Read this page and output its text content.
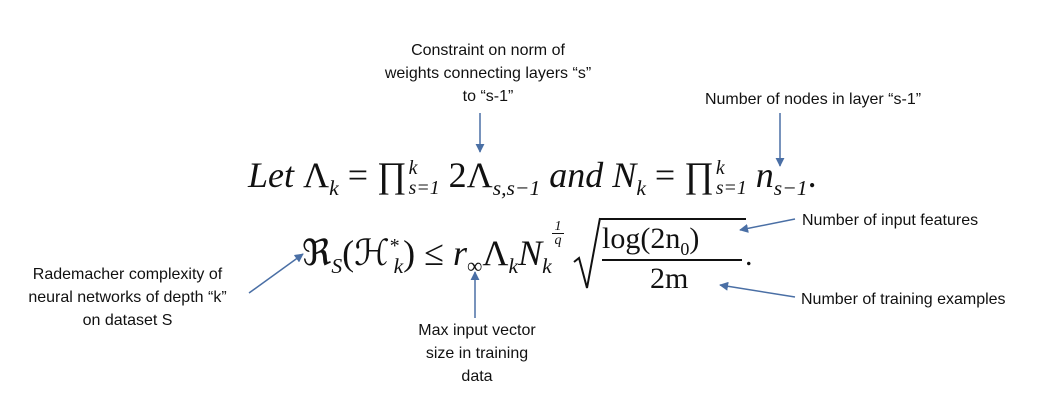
Constraint on norm of
weights connecting layers “s”
to “s-1”	Number of nodes in layer “s-1”
Number of input features
Rademacher complexity of
neural networks of depth “k”
on dataset S
Max input vector
size in training
data
Number of training examples
Let $\Lambda_k$ = ∏ k
s=1 $2\Lambda_{s,s-1}$ and $N_k$ = ∏ k
s=1 $n_{s-1}$.
ℜ$_S$(ℋ*$_k$) ≤ $r_\infty\Lambda_kN_k$
1
q $\log(2n_0)$
2m
.
